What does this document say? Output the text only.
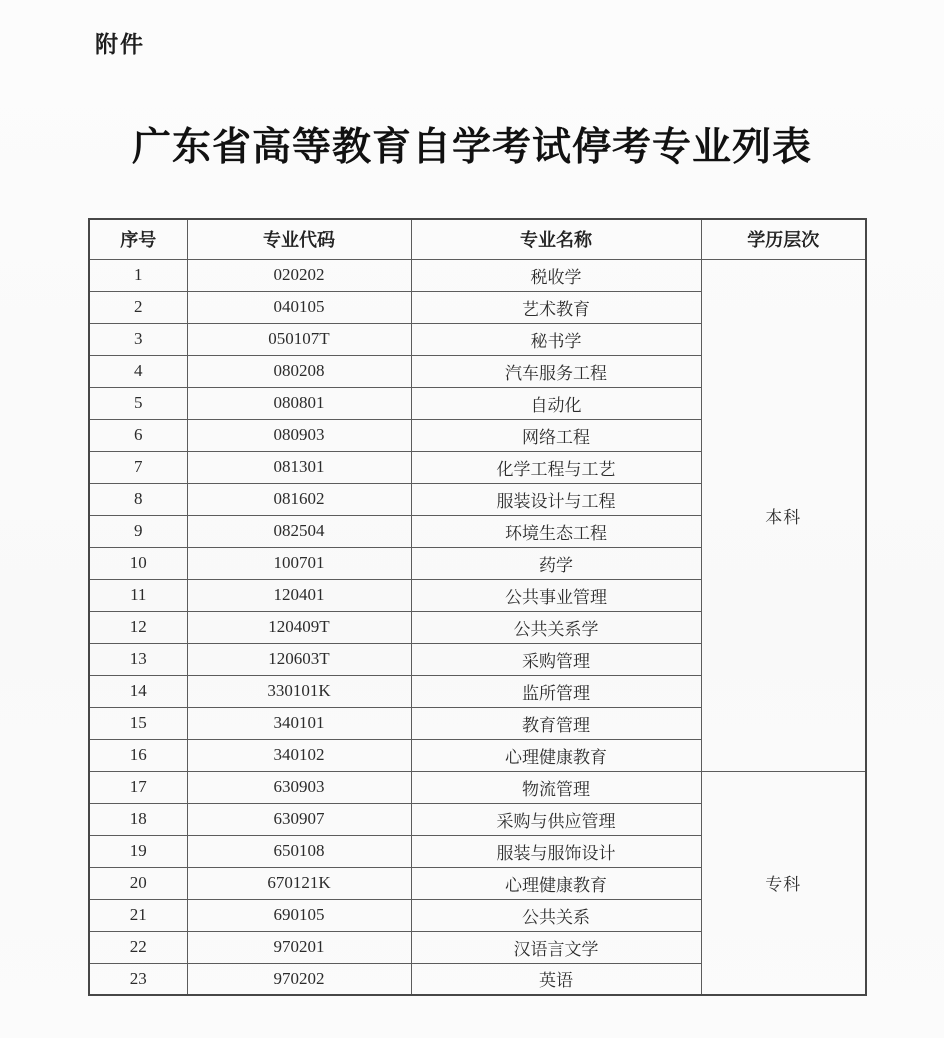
附件
广东省高等教育自学考试停考专业列表
序号	专业代码	专业名称	学历层次
1	020202	税收学	本科
2	040105	艺术教育	
3	050107T	秘书学	
4	080208	汽车服务工程	
5	080801	自动化	
6	080903	网络工程	
7	081301	化学工程与工艺	
8	081602	服装设计与工程	
9	082504	环境生态工程	
10	100701	药学	
11	120401	公共事业管理	
12	120409T	公共关系学	
13	120603T	采购管理	
14	330101K	监所管理	
15	340101	教育管理	
16	340102	心理健康教育	
17	630903	物流管理	专科
18	630907	采购与供应管理	
19	650108	服装与服饰设计	
20	670121K	心理健康教育	
21	690105	公共关系	
22	970201	汉语言文学	
23	970202	英语	
